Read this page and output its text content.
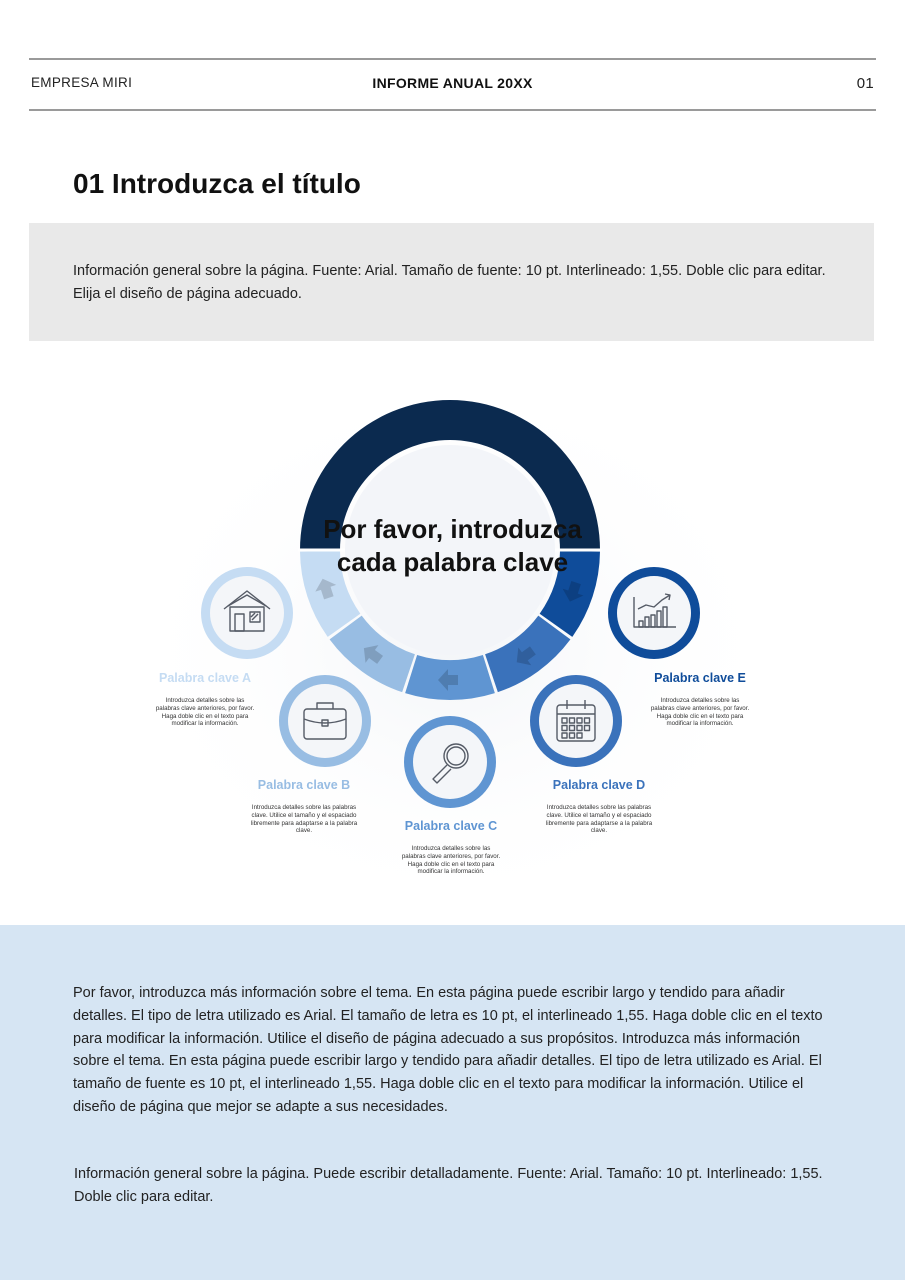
EMPRESA MIRI	INFORME ANUAL 20XX	01
01 Introduzca el título
Información general sobre la página. Fuente: Arial. Tamaño de fuente: 10 pt. Interlineado: 1,55. Doble clic para editar. Elija el diseño de página adecuado.
Por favor, introduzca cada palabra clave
Palabra clave A
Introduzca detalles sobre las palabras clave anteriores, por favor. Haga doble clic en el texto para modificar la información.
Palabra clave B
Introduzca detalles sobre las palabras clave. Utilice el tamaño y el espaciado libremente para adaptarse a la palabra clave.	Palabra clave C
Introduzca detalles sobre las palabras clave anteriores, por favor. Haga doble clic en el texto para modificar la información.
Palabra clave D
Introduzca detalles sobre las palabras clave. Utilice el tamaño y el espaciado libremente para adaptarse a la palabra clave.
Palabra clave E
Introduzca detalles sobre las palabras clave anteriores, por favor. Haga doble clic en el texto para modificar la información.
Por favor, introduzca más información sobre el tema. En esta página puede escribir largo y tendido para añadir detalles. El tipo de letra utilizado es Arial. El tamaño de letra es 10 pt, el interlineado 1,55. Haga doble clic en el texto para modificar la información. Utilice el diseño de página adecuado a sus propósitos. Introduzca más información sobre el tema. En esta página puede escribir largo y tendido para añadir detalles. El tipo de letra utilizado es Arial. El tamaño de fuente es 10 pt, el interlineado 1,55. Haga doble clic en el texto para modificar la información. Utilice el diseño de página que mejor se adapte a sus necesidades.
Información general sobre la página. Puede escribir detalladamente. Fuente: Arial. Tamaño: 10 pt. Interlineado: 1,55. Doble clic para editar.
